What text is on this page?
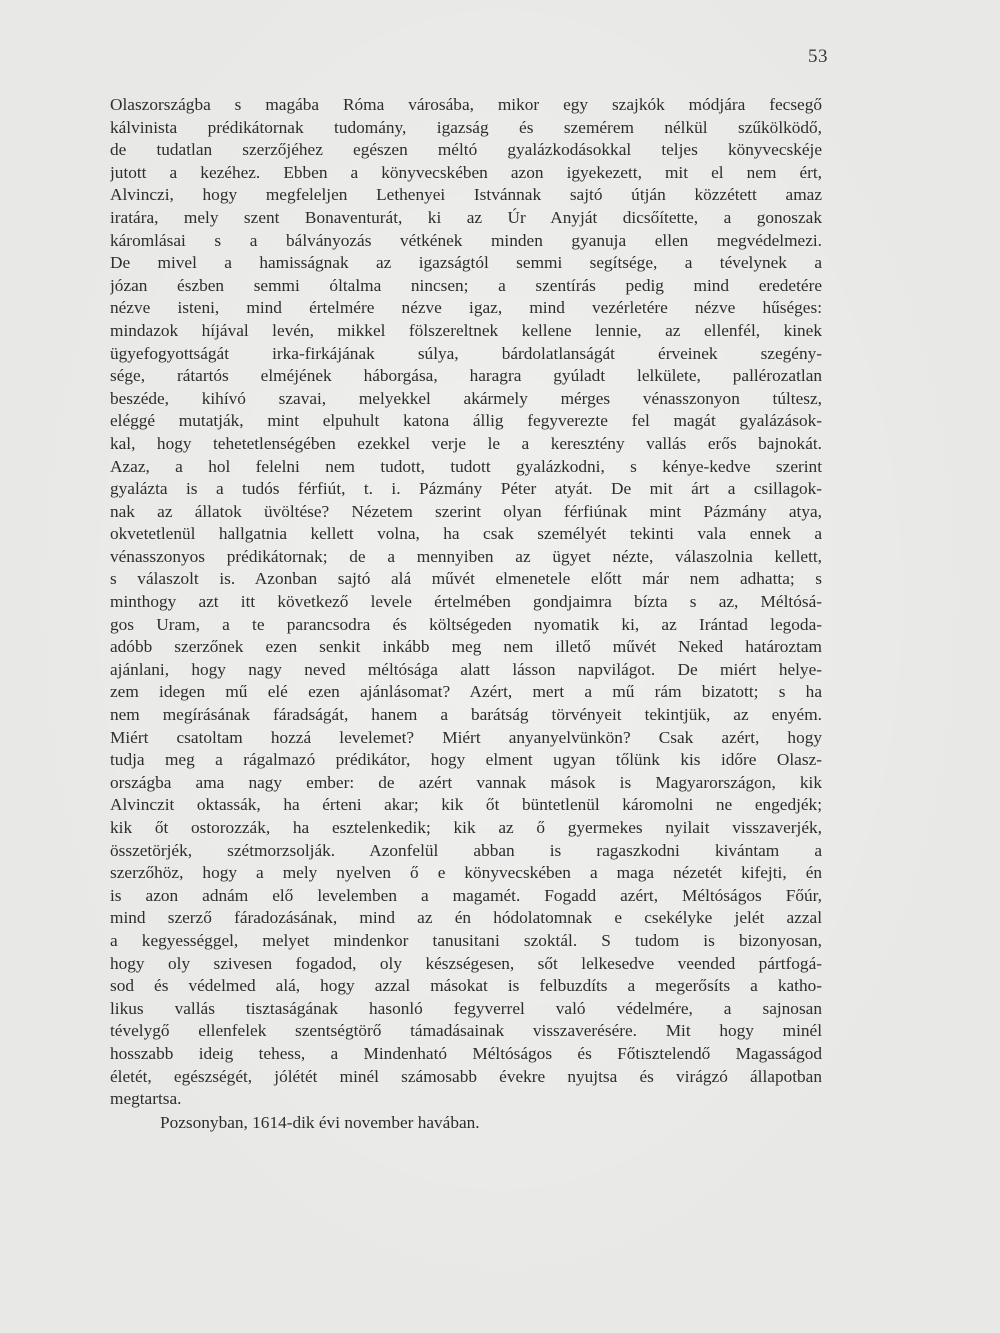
53
Olaszországba s magába Róma városába, mikor egy szajkók módjára fecsegő
kálvinista prédikátornak tudomány, igazság és szemérem nélkül szűkölködő,
de tudatlan szerzőjéhez egészen méltó gyalázkodásokkal teljes könyvecskéje
jutott a kezéhez. Ebben a könyvecskében azon igyekezett, mit el nem ért,
Alvinczi, hogy megfeleljen Lethenyei Istvánnak sajtó útján közzétett amaz
iratára, mely szent Bonaventurát, ki az Úr Anyját dicsőítette, a gonoszak
káromlásai s a bálványozás vétkének minden gyanuja ellen megvédelmezi.
De mivel a hamisságnak az igazságtól semmi segítsége, a tévelynek a
józan észben semmi óltalma nincsen; a szentírás pedig mind eredetére
nézve isteni, mind értelmére nézve igaz, mind vezérletére nézve hűséges:
mindazok híjával levén, mikkel fölszereltnek kellene lennie, az ellenfél, kinek
ügyefogyottságát irka-firkájának súlya, bárdolatlanságát érveinek szegény-
sége, rátartós elméjének háborgása, haragra gyúladt lelkülete, pallérozatlan
beszéde, kihívó szavai, melyekkel akármely mérges vénasszonyon túltesz,
eléggé mutatják, mint elpuhult katona állig fegyverezte fel magát gyalázások-
kal, hogy tehetetlenségében ezekkel verje le a keresztény vallás erős bajnokát.
Azaz, a hol felelni nem tudott, tudott gyalázkodni, s kénye-kedve szerint
gyalázta is a tudós férfiút, t. i. Pázmány Péter atyát. De mit árt a csillagok-
nak az állatok üvöltése? Nézetem szerint olyan férfiúnak mint Pázmány atya,
okvetetlenül hallgatnia kellett volna, ha csak személyét tekinti vala ennek a
vénasszonyos prédikátornak; de a mennyiben az ügyet nézte, válaszolnia kellett,
s válaszolt is. Azonban sajtó alá művét elmenetele előtt már nem adhatta; s
minthogy azt itt következő levele értelmében gondjaimra bízta s az, Méltósá-
gos Uram, a te parancsodra és költségeden nyomatik ki, az Irántad legoda-
adóbb szerzőnek ezen senkit inkább meg nem illető művét Neked határoztam
ajánlani, hogy nagy neved méltósága alatt lásson napvilágot. De miért helye-
zem idegen mű elé ezen ajánlásomat? Azért, mert a mű rám bizatott; s ha
nem megírásának fáradságát, hanem a barátság törvényeit tekintjük, az enyém.
Miért csatoltam hozzá levelemet? Miért anyanyelvünkön? Csak azért, hogy
tudja meg a rágalmazó prédikátor, hogy elment ugyan tőlünk kis időre Olasz-
országba ama nagy ember: de azért vannak mások is Magyarországon, kik
Alvinczit oktassák, ha érteni akar; kik őt büntetlenül káromolni ne engedjék;
kik őt ostorozzák, ha esztelenkedik; kik az ő gyermekes nyilait visszaverjék,
összetörjék, szétmorzsolják. Azonfelül abban is ragaszkodni kivántam a
szerzőhöz, hogy a mely nyelven ő e könyvecskében a maga nézetét kifejti, én
is azon adnám elő levelemben a magamét. Fogadd azért, Méltóságos Főúr,
mind szerző fáradozásának, mind az én hódolatomnak e csekélyke jelét azzal
a kegyességgel, melyet mindenkor tanusitani szoktál. S tudom is bizonyosan,
hogy oly szivesen fogadod, oly készségesen, sőt lelkesedve veended pártfogá-
sod és védelmed alá, hogy azzal másokat is felbuzdíts a megerősíts a katho-
likus vallás tisztaságának hasonló fegyverrel való védelmére, a sajnosan
tévelygő ellenfelek szentségtörő támadásainak visszaverésére. Mit hogy minél
hosszabb ideig tehess, a Mindenható Méltóságos és Főtisztelendő Magasságod
életét, egészségét, jólétét minél számosabb évekre nyujtsa és virágzó állapotban
megtartsa.
Pozsonyban, 1614-dik évi november havában.
